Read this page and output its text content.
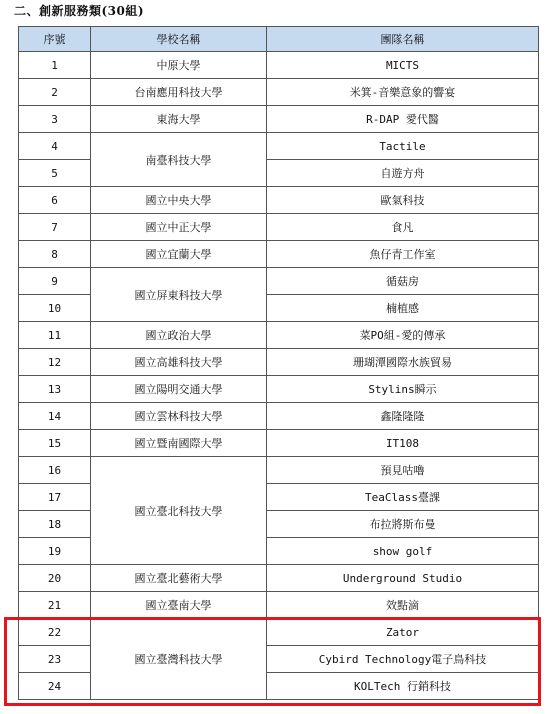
二、創新服務類(30組)
序號	學校名稱	團隊名稱
1	中原大學	MICTS
2	台南應用科技大學	米箕-音樂意象的響宴
3	東海大學	R-DAP 愛代醫
4	南臺科技大學	Tactile
5		自遊方舟
6	國立中央大學	歐氣科技
7	國立中正大學	食凡
8	國立宜蘭大學	魚仔青工作室
9	國立屏東科技大學	循菇房
10		楠植感
11	國立政治大學	菜PO組-愛的傳承
12	國立高雄科技大學	珊瑚潭國際水族貿易
13	國立陽明交通大學	Stylins瞬示
14	國立雲林科技大學	鑫隆隆隆
15	國立暨南國際大學	IT108
16	國立臺北科技大學	預見咕嚕
17		TeaClass臺課
18		布拉將斯布曼
19		show golf
20	國立臺北藝術大學	Underground Studio
21	國立臺南大學	效點滴
22	國立臺灣科技大學	Zator
23		Cybird Technology電子鳥科技
24		KOLTech 行銷科技
